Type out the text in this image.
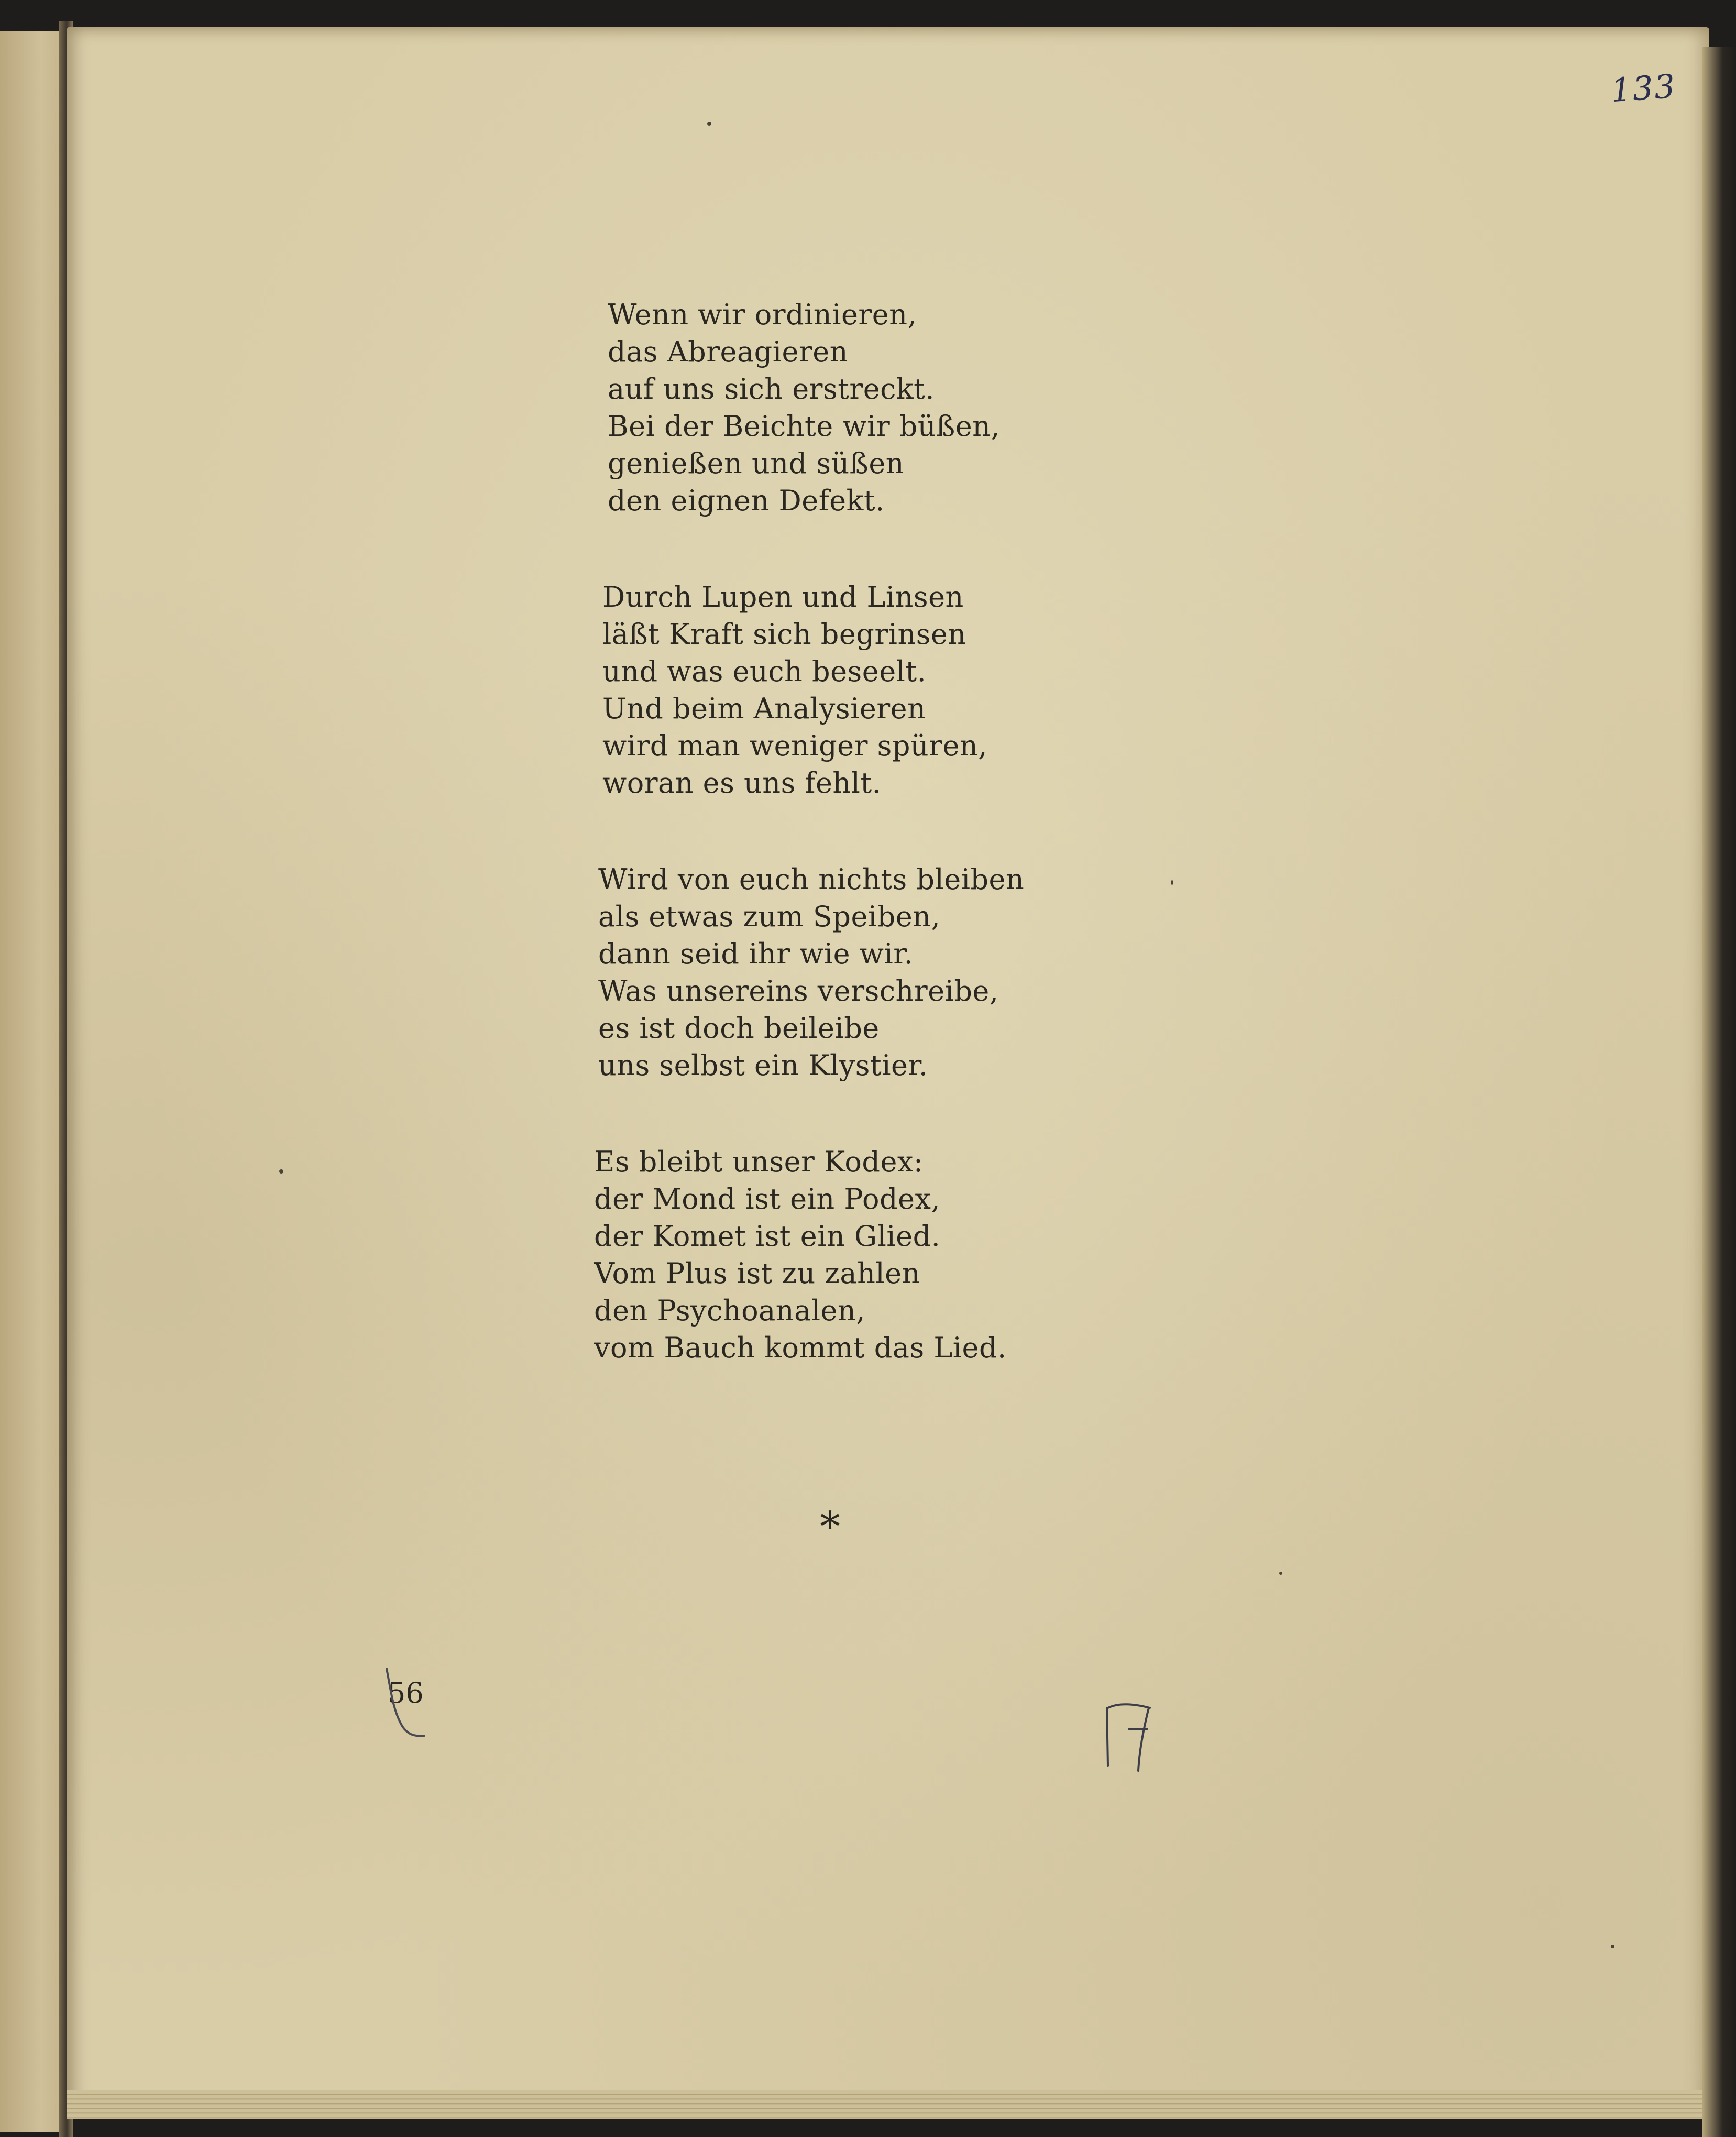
133
Wenn wir ordinieren,
das Abreagieren
auf uns sich erstreckt.
Bei der Beichte wir büßen,
genießen und süßen
den eignen Defekt.
Durch Lupen und Linsen
läßt Kraft sich begrinsen
und was euch beseelt.
Und beim Analysieren
wird man weniger spüren,
woran es uns fehlt.
Wird von euch nichts bleiben
als etwas zum Speiben,
dann seid ihr wie wir.
Was unsereins verschreibe,
es ist doch beileibe
uns selbst ein Klystier.
Es bleibt unser Kodex:
der Mond ist ein Podex,
der Komet ist ein Glied.
Vom Plus ist zu zahlen
den Psychoanalen,
vom Bauch kommt das Lied.
*
56
